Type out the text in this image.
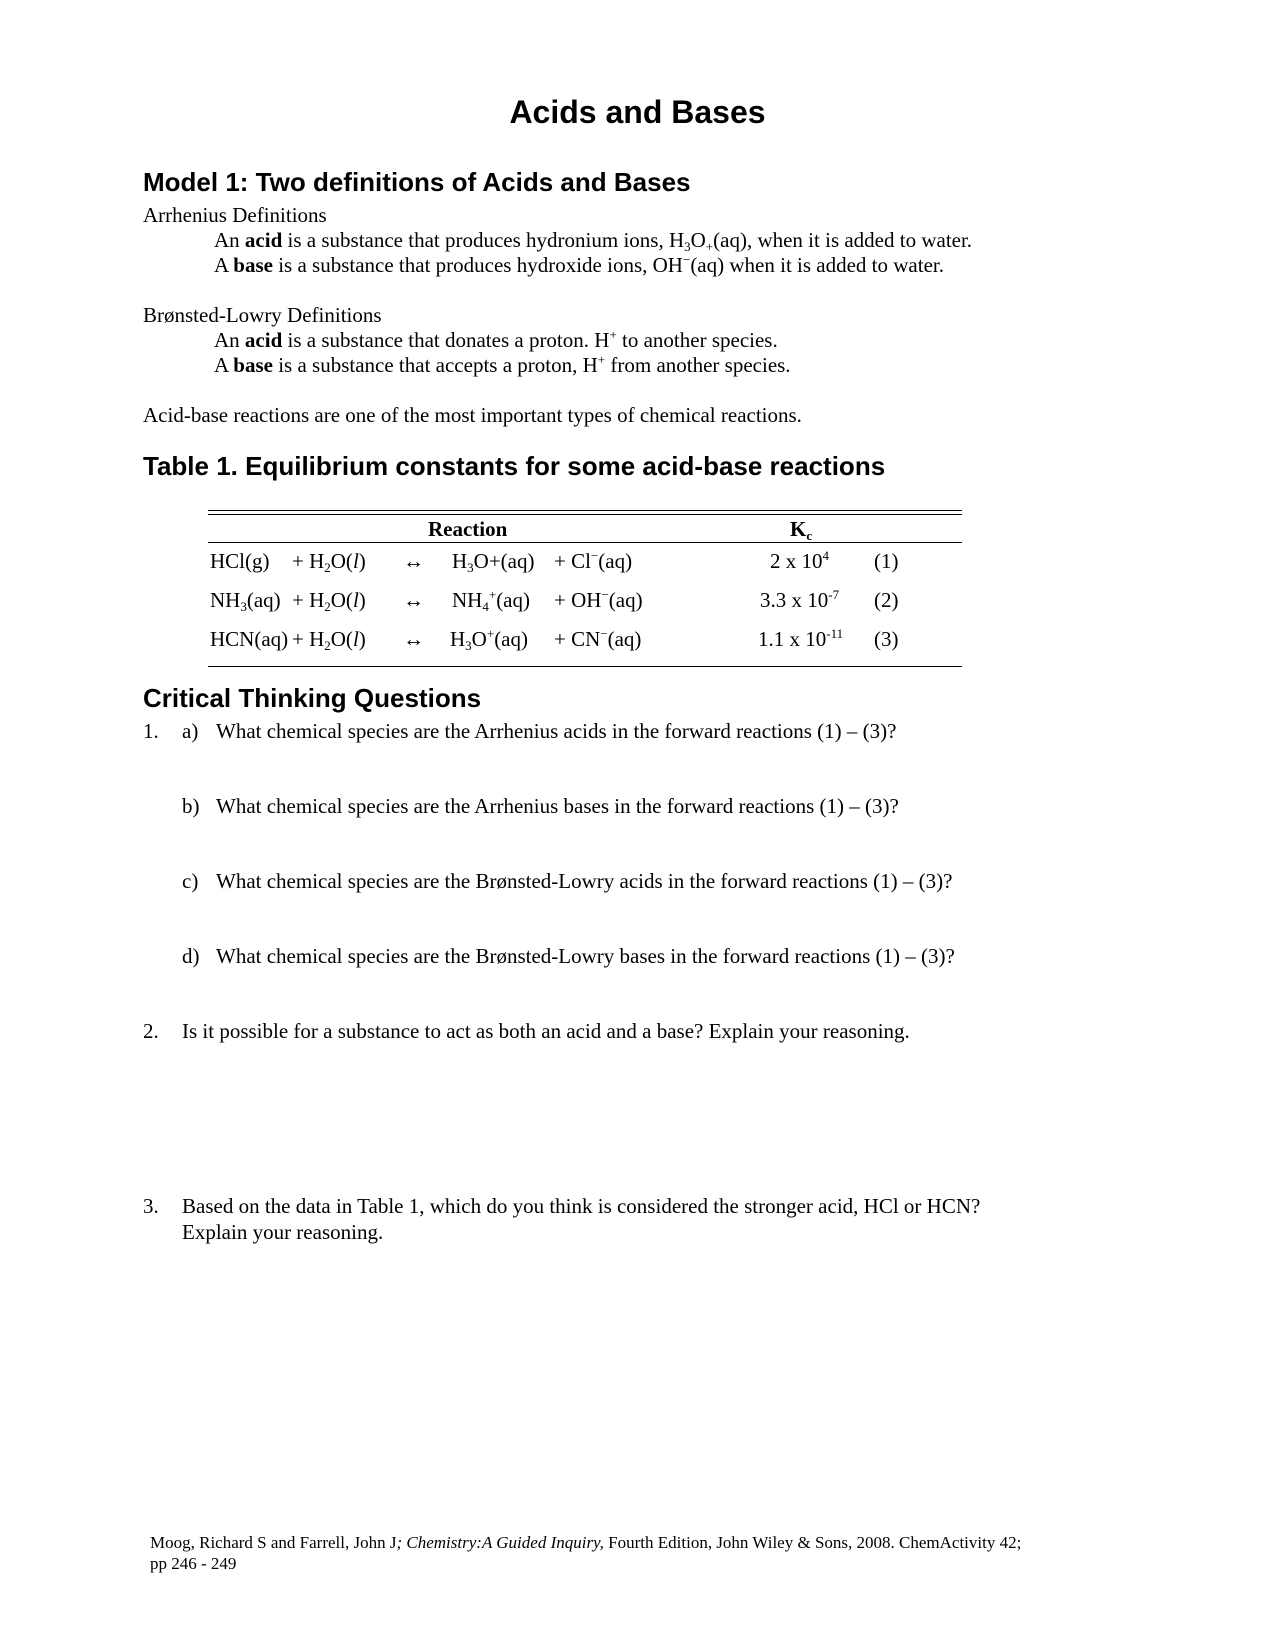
Acids and Bases
Model 1: Two definitions of Acids and Bases
Arrhenius Definitions
An acid is a substance that produces hydronium ions, $H_3O_+(aq)$, when it is added to water.
A base is a substance that produces hydroxide ions, OH−(aq) when it is added to water.
Brønsted-Lowry Definitions
An acid is a substance that donates a proton. H+ to another species.
A base is a substance that accepts a proton, H+ from another species.
Acid-base reactions are one of the most important types of chemical reactions.
Table 1. Equilibrium constants for some acid-base reactions
Reaction	$K_c$
$HCl(g) + H_2O(l)$ ↔ $H_3O+(aq) + Cl^-(aq)$	2 x $10^4$ (1)
$NH_3(aq) + H_2O(l)$ ↔ $NH_4^+(aq) + OH^-(aq)$	3.3 x $10^{-7}$ (2)
$HCN(aq) + H_2O(l)$ ↔ $H_3O^+(aq) + CN^-(aq)$	1.1 x $10^{-11}$ (3)
Critical Thinking Questions
1. a) What chemical species are the Arrhenius acids in the forward reactions (1) – (3)?
b) What chemical species are the Arrhenius bases in the forward reactions (1) – (3)?
c) What chemical species are the Brønsted-Lowry acids in the forward reactions (1) – (3)?
d) What chemical species are the Brønsted-Lowry bases in the forward reactions (1) – (3)?
2. Is it possible for a substance to act as both an acid and a base? Explain your reasoning.
3. Based on the data in Table 1, which do you think is considered the stronger acid, HCl or HCN?
Explain your reasoning.
Moog, Richard S and Farrell, John J; Chemistry:A Guided Inquiry, Fourth Edition, John Wiley & Sons, 2008. ChemActivity 42;
pp 246 - 249
